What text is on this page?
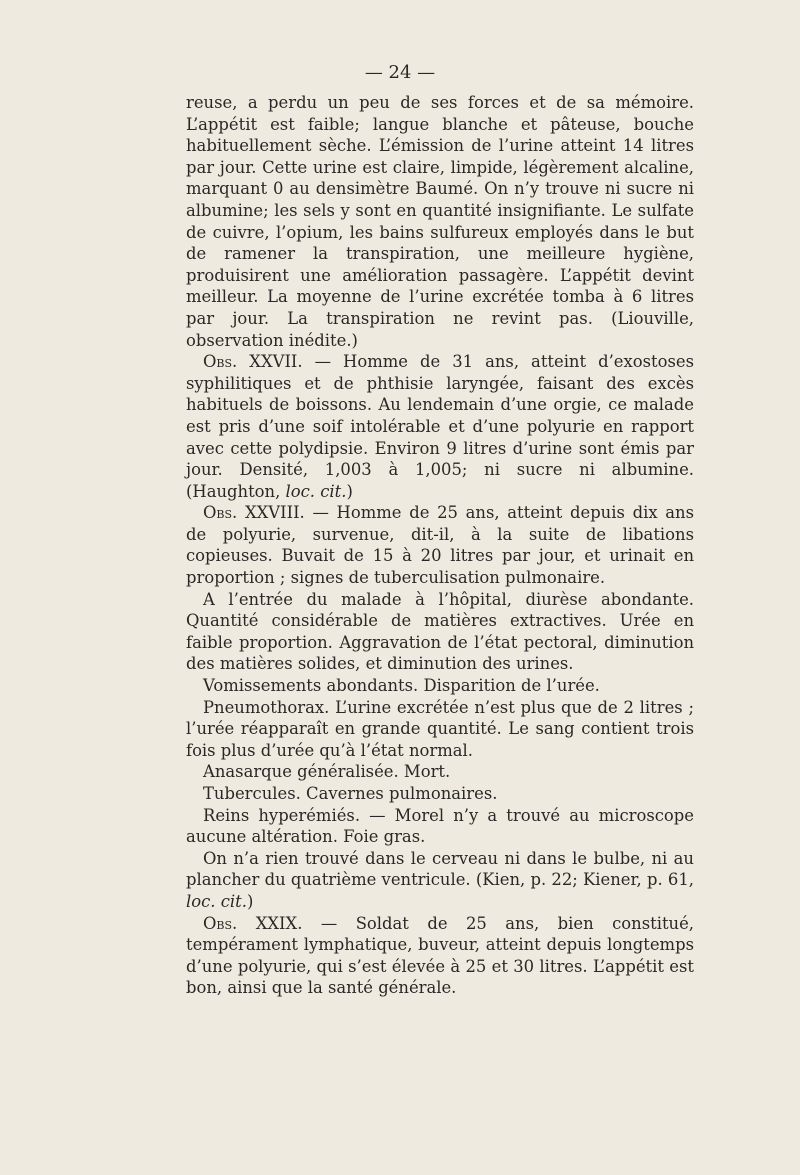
— 24 —

reuse, a perdu un peu de ses forces et de sa mémoire. L’appétit est faible; langue blanche et pâteuse, bouche habituellement sèche. L’émission de l’urine atteint 14 litres par jour. Cette urine est claire, limpide, légèrement alcaline, marquant 0 au densimètre Baumé. On n’y trouve ni sucre ni albumine; les sels y sont en quantité insignifiante. Le sulfate de cuivre, l’opium, les bains sulfureux employés dans le but de ramener la transpiration, une meilleure hygiène, produisirent une amélioration passagère. L’appétit devint meilleur. La moyenne de l’urine excrétée tomba à 6 litres par jour. La transpiration ne revint pas. (Liouville, observation inédite.)

Obs. XXVII. — Homme de 31 ans, atteint d’exostoses syphilitiques et de phthisie laryngée, faisant des excès habituels de boissons. Au lendemain d’une orgie, ce malade est pris d’une soif intolérable et d’une polyurie en rapport avec cette polydipsie. Environ 9 litres d’urine sont émis par jour. Densité, 1,003 à 1,005; ni sucre ni albumine. (Haughton, loc. cit.)

Obs. XXVIII. — Homme de 25 ans, atteint depuis dix ans de polyurie, survenue, dit-il, à la suite de libations copieuses. Buvait de 15 à 20 litres par jour, et urinait en proportion ; signes de tuberculisation pulmonaire.

A l’entrée du malade à l’hôpital, diurèse abondante. Quantité considérable de matières extractives. Urée en faible proportion. Aggravation de l’état pectoral, diminution des matières solides, et diminution des urines.

Vomissements abondants. Disparition de l’urée.

Pneumothorax. L’urine excrétée n’est plus que de 2 litres ; l’urée réapparaît en grande quantité. Le sang contient trois fois plus d’urée qu’à l’état normal.

Anasarque généralisée. Mort.

Tubercules. Cavernes pulmonaires.

Reins hyperémiés. — Morel n’y a trouvé au microscope aucune altération. Foie gras.

On n’a rien trouvé dans le cerveau ni dans le bulbe, ni au plancher du quatrième ventricule. (Kien, p. 22; Kiener, p. 61, loc. cit.)

Obs. XXIX. — Soldat de 25 ans, bien constitué, tempérament lymphatique, buveur, atteint depuis longtemps d’une polyurie, qui s’est élevée à 25 et 30 litres. L’appétit est bon, ainsi que la santé générale.
